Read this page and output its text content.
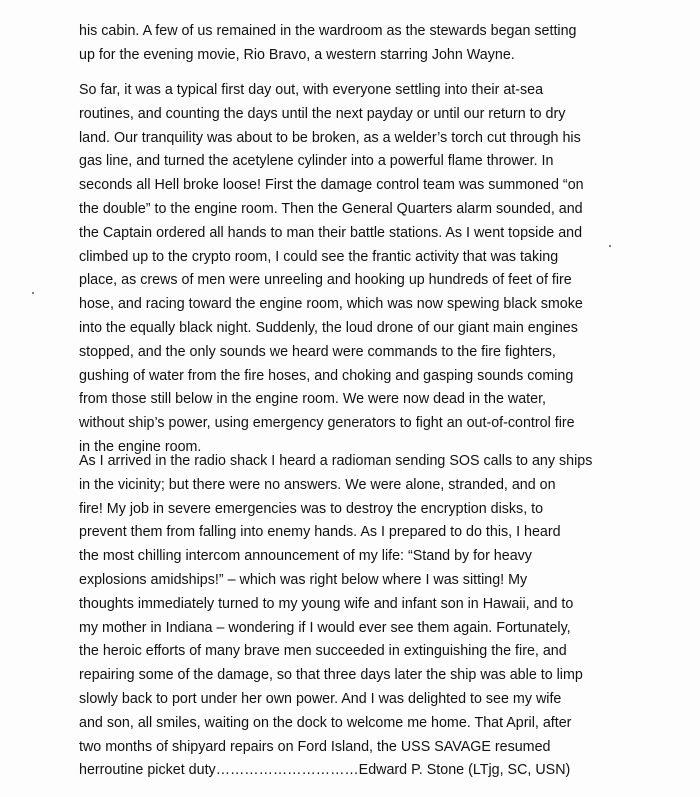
his cabin. A few of us remained in the wardroom as the stewards began setting
up for the evening movie, Rio Bravo, a western starring John Wayne.
So far, it was a typical first day out, with everyone settling into their at-sea
routines, and counting the days until the next payday or until our return to dry
land. Our tranquility was about to be broken, as a welder’s torch cut through his
gas line, and turned the acetylene cylinder into a powerful flame thrower. In
seconds all Hell broke loose! First the damage control team was summoned “on
the double” to the engine room. Then the General Quarters alarm sounded, and
the Captain ordered all hands to man their battle stations. As I went topside and
climbed up to the crypto room, I could see the frantic activity that was taking
place, as crews of men were unreeling and hooking up hundreds of feet of fire
hose, and racing toward the engine room, which was now spewing black smoke
into the equally black night. Suddenly, the loud drone of our giant main engines
stopped, and the only sounds we heard were commands to the fire fighters,
gushing of water from the fire hoses, and choking and gasping sounds coming
from those still below in the engine room. We were now dead in the water,
without ship’s power, using emergency generators to fight an out-of-control fire
in the engine room.
As I arrived in the radio shack I heard a radioman sending SOS calls to any ships
in the vicinity; but there were no answers. We were alone, stranded, and on
fire! My job in severe emergencies was to destroy the encryption disks, to
prevent them from falling into enemy hands. As I prepared to do this, I heard
the most chilling intercom announcement of my life: “Stand by for heavy
explosions amidships!” – which was right below where I was sitting! My
thoughts immediately turned to my young wife and infant son in Hawaii, and to
my mother in Indiana – wondering if I would ever see them again. Fortunately,
the heroic efforts of many brave men succeeded in extinguishing the fire, and
repairing some of the damage, so that three days later the ship was able to limp
slowly back to port under her own power. And I was delighted to see my wife
and son, all smiles, waiting on the dock to welcome me home. That April, after
two months of shipyard repairs on Ford Island, the USS SAVAGE resumed
herroutine picket duty…………………………Edward P. Stone (LTjg, SC, USN)
